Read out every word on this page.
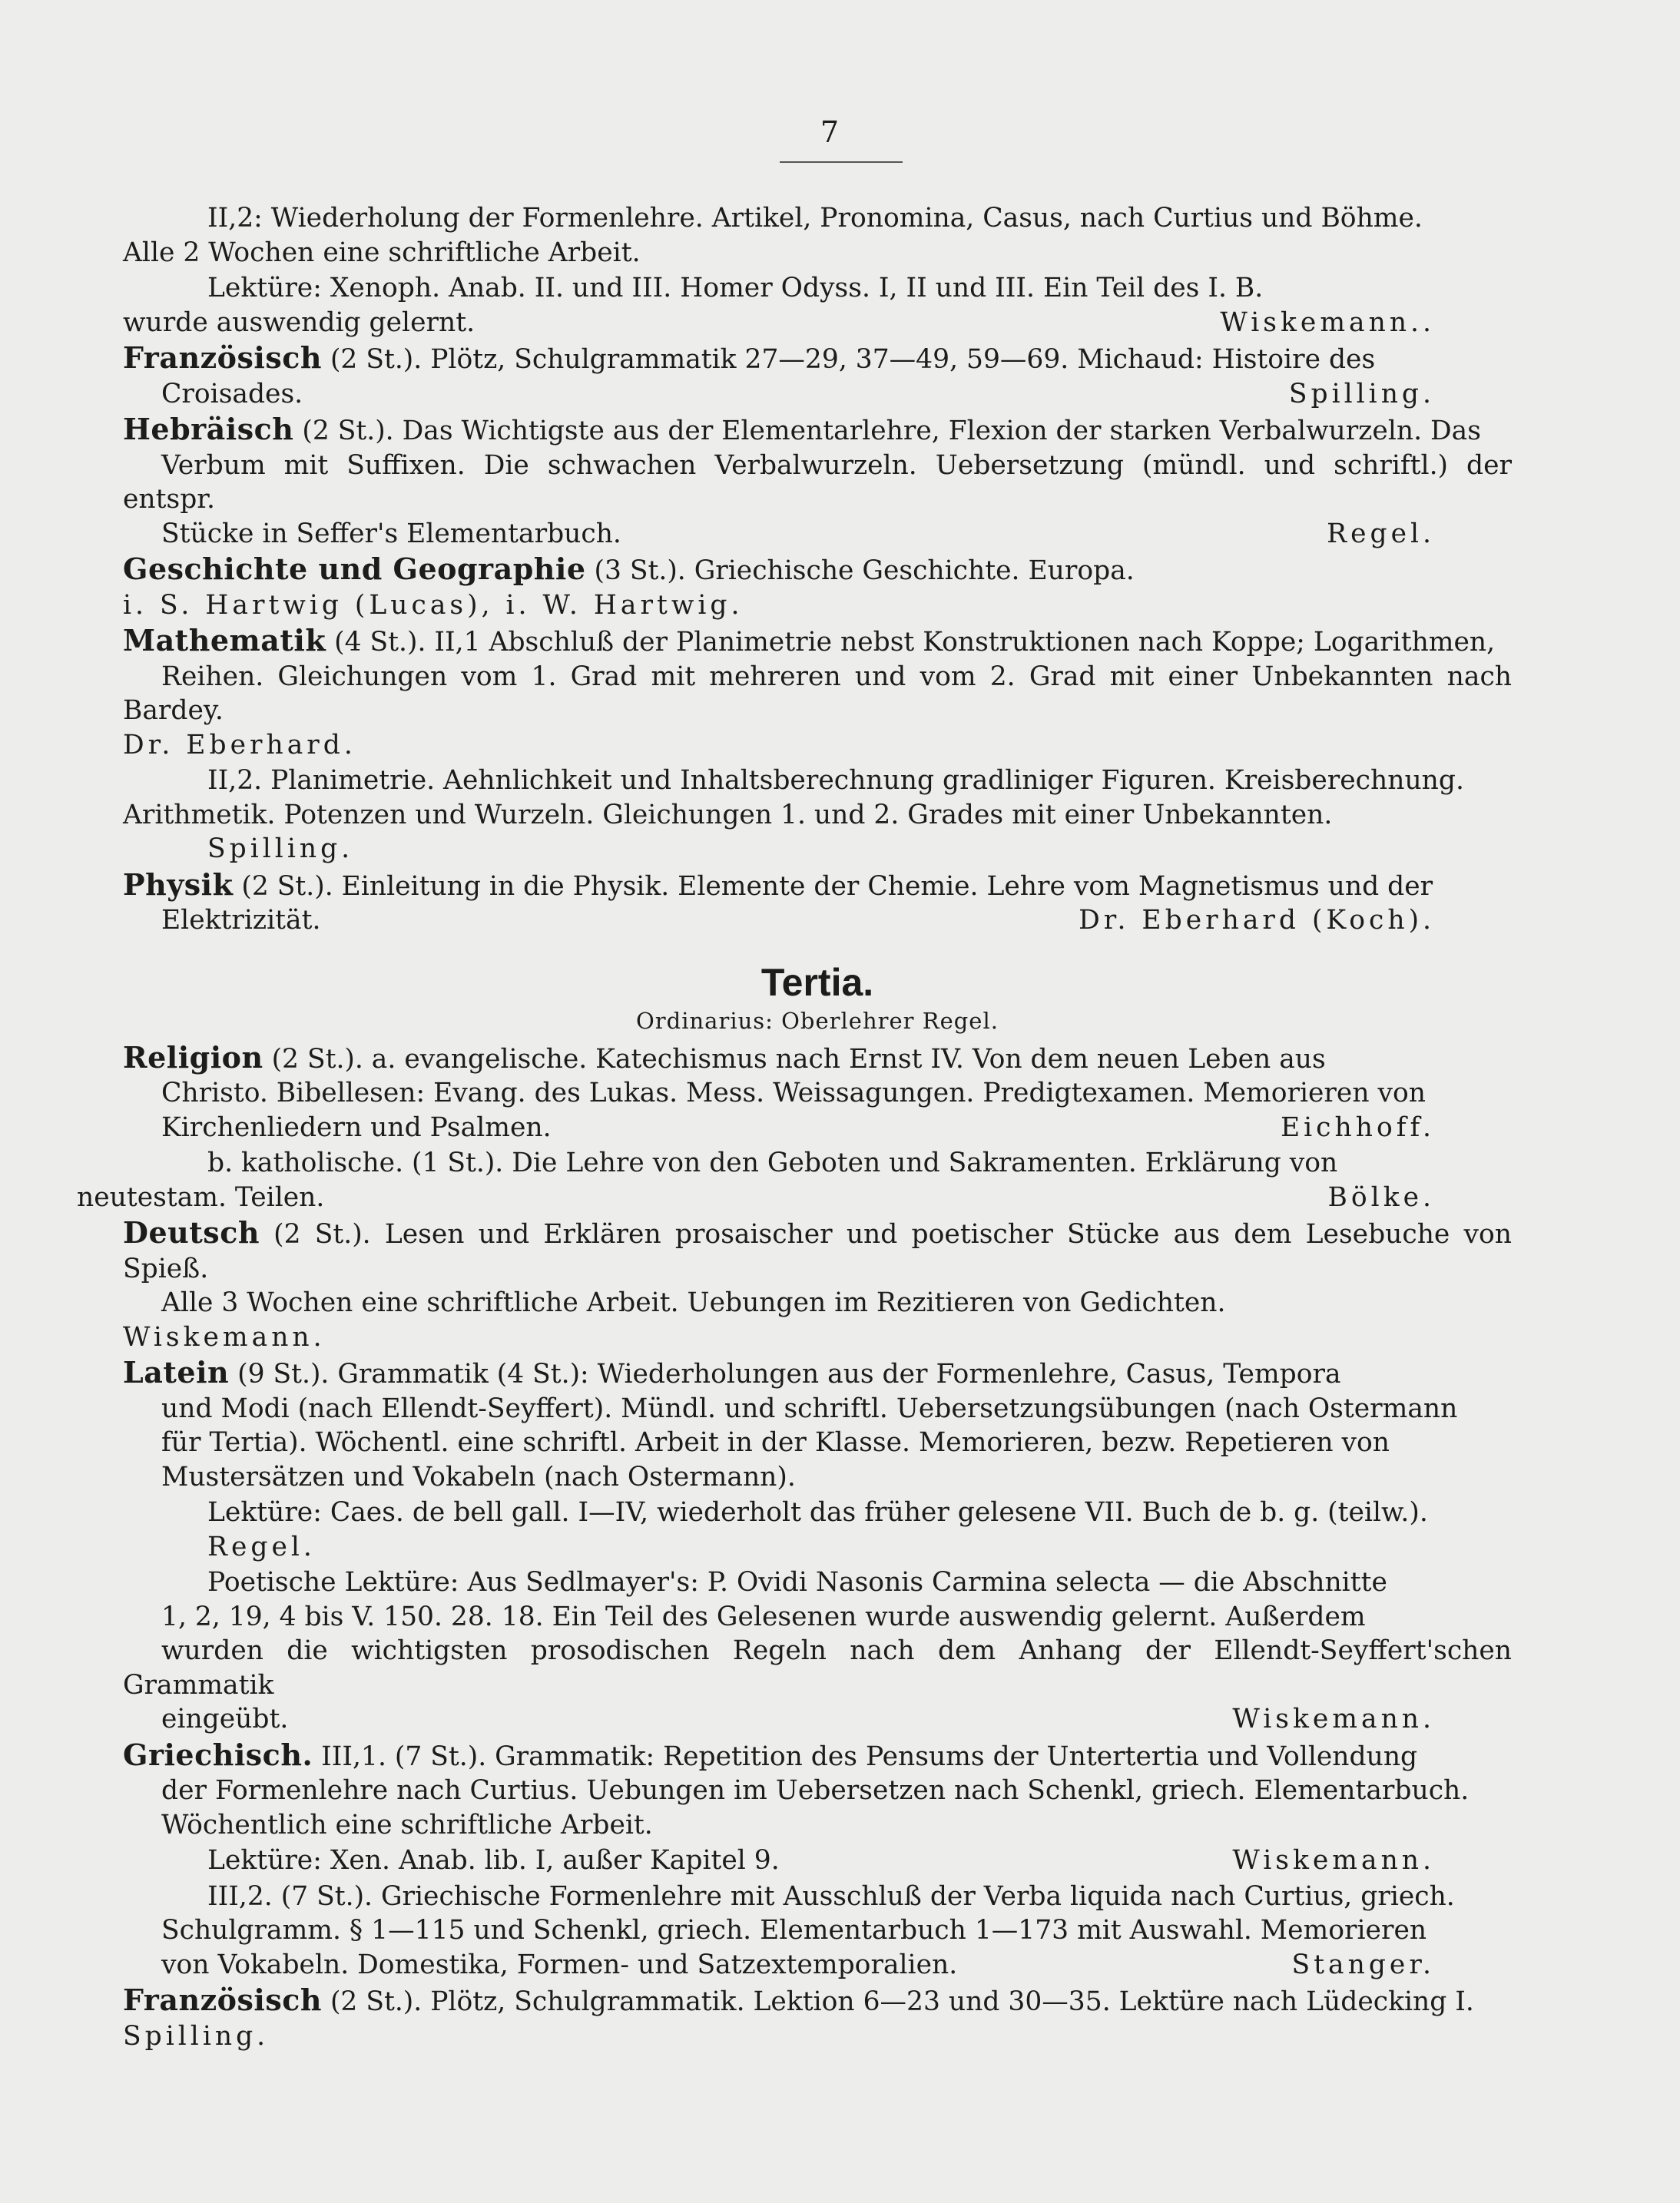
7
II,2: Wiederholung der Formenlehre. Artikel, Pronomina, Casus, nach Curtius und Böhme.
Alle 2 Wochen eine schriftliche Arbeit.
Lektüre: Xenoph. Anab. II. und III. Homer Odyss. I, II und III. Ein Teil des I. B.
wurde auswendig gelernt.	Wiskemann..
Französisch (2 St.). Plötz, Schulgrammatik 27—29, 37—49, 59—69. Michaud: Histoire des
Croisades.	Spilling.
Hebräisch (2 St.). Das Wichtigste aus der Elementarlehre, Flexion der starken Verbalwurzeln. Das
Verbum mit Suffixen. Die schwachen Verbalwurzeln. Uebersetzung (mündl. und schriftl.) der entspr.
Stücke in Seffer's Elementarbuch.	Regel.
Geschichte und Geographie (3 St.). Griechische Geschichte. Europa.
i. S. Hartwig (Lucas), i. W. Hartwig.
Mathematik (4 St.). II,1 Abschluß der Planimetrie nebst Konstruktionen nach Koppe; Logarithmen,
Reihen. Gleichungen vom 1. Grad mit mehreren und vom 2. Grad mit einer Unbekannten nach Bardey.
Dr. Eberhard.
II,2. Planimetrie. Aehnlichkeit und Inhaltsberechnung gradliniger Figuren. Kreisberechnung.
Arithmetik. Potenzen und Wurzeln. Gleichungen 1. und 2. Grades mit einer Unbekannten.
Spilling.
Physik (2 St.). Einleitung in die Physik. Elemente der Chemie. Lehre vom Magnetismus und der
Elektrizität.	Dr. Eberhard (Koch).
Tertia.
Ordinarius: Oberlehrer Regel.
Religion (2 St.). a. evangelische. Katechismus nach Ernst IV. Von dem neuen Leben aus
Christo. Bibellesen: Evang. des Lukas. Mess. Weissagungen. Predigtexamen. Memorieren von
Kirchenliedern und Psalmen.	Eichhoff.
b. katholische. (1 St.). Die Lehre von den Geboten und Sakramenten. Erklärung von
neutestam. Teilen.	Bölke.
Deutsch (2 St.). Lesen und Erklären prosaischer und poetischer Stücke aus dem Lesebuche von Spieß.
Alle 3 Wochen eine schriftliche Arbeit. Uebungen im Rezitieren von Gedichten.
Wiskemann.
Latein (9 St.). Grammatik (4 St.): Wiederholungen aus der Formenlehre, Casus, Tempora
und Modi (nach Ellendt-Seyffert). Mündl. und schriftl. Uebersetzungsübungen (nach Ostermann
für Tertia). Wöchentl. eine schriftl. Arbeit in der Klasse. Memorieren, bezw. Repetieren von
Mustersätzen und Vokabeln (nach Ostermann).
Lektüre: Caes. de bell gall. I—IV, wiederholt das früher gelesene VII. Buch de b. g. (teilw.).
Regel.
Poetische Lektüre: Aus Sedlmayer's: P. Ovidi Nasonis Carmina selecta — die Abschnitte
1, 2, 19, 4 bis V. 150. 28. 18. Ein Teil des Gelesenen wurde auswendig gelernt. Außerdem
wurden die wichtigsten prosodischen Regeln nach dem Anhang der Ellendt-Seyffert'schen Grammatik
eingeübt.	Wiskemann.
Griechisch. III,1. (7 St.). Grammatik: Repetition des Pensums der Untertertia und Vollendung
der Formenlehre nach Curtius. Uebungen im Uebersetzen nach Schenkl, griech. Elementarbuch.
Wöchentlich eine schriftliche Arbeit.
Lektüre: Xen. Anab. lib. I, außer Kapitel 9.	Wiskemann.
III,2. (7 St.). Griechische Formenlehre mit Ausschluß der Verba liquida nach Curtius, griech.
Schulgramm. § 1—115 und Schenkl, griech. Elementarbuch 1—173 mit Auswahl. Memorieren
von Vokabeln. Domestika, Formen- und Satzextemporalien.	Stanger.
Französisch (2 St.). Plötz, Schulgrammatik. Lektion 6—23 und 30—35. Lektüre nach Lüdecking I.
Spilling.
